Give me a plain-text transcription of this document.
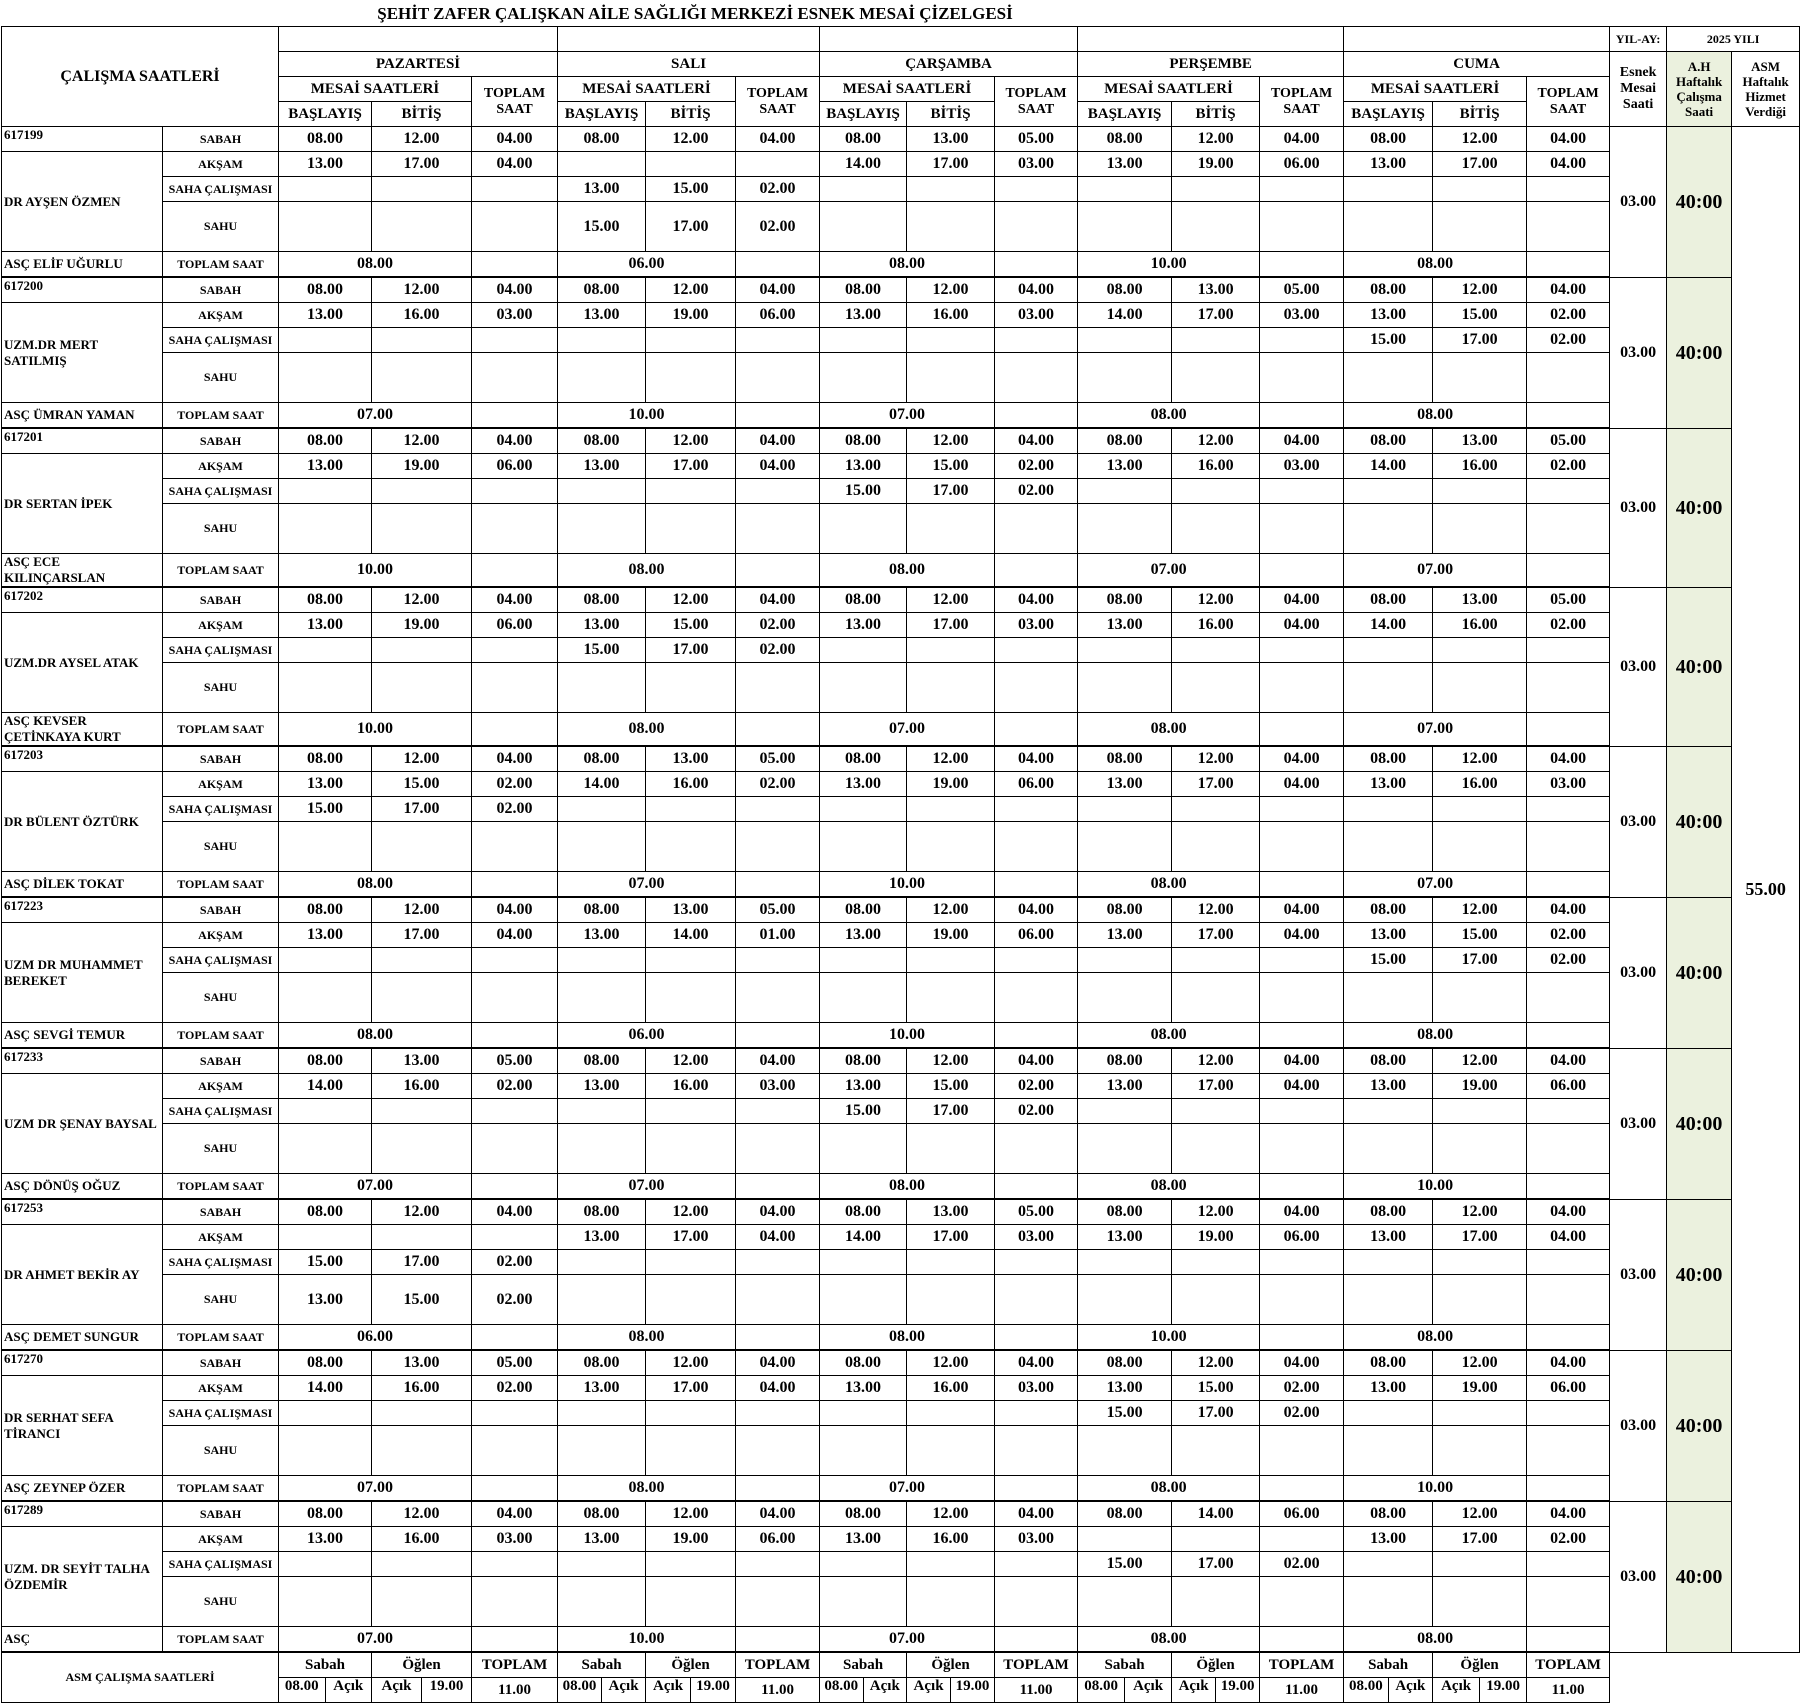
ŞEHİT ZAFER ÇALIŞKAN AİLE SAĞLIĞI MERKEZİ ESNEK MESAİ ÇİZELGESİ
ÇALIŞMA SAATLERİ																	YIL-AY:	2025 YILI	
		PAZARTESİ			SALI			ÇARŞAMBA			PERŞEMBE			CUMA			Esnek Mesai Saati	A.H Haftalık Çalışma Saati	ASM Haftalık Hizmet Verdiği
		MESAİ SAATLERİ		TOPLAM SAAT	MESAİ SAATLERİ		TOPLAM SAAT	MESAİ SAATLERİ		TOPLAM SAAT	MESAİ SAATLERİ		TOPLAM SAAT	MESAİ SAATLERİ		TOPLAM SAAT			
		BAŞLAYIŞ	BİTİŞ		BAŞLAYIŞ	BİTİŞ		BAŞLAYIŞ	BİTİŞ		BAŞLAYIŞ	BİTİŞ		BAŞLAYIŞ	BİTİŞ				
617199	SABAH	08.00	12.00	04.00	08.00	12.00	04.00	08.00	13.00	05.00	08.00	12.00	04.00	08.00	12.00	04.00	03.00	40:00	55.00
DR AYŞEN ÖZMEN	AKŞAM	13.00	17.00	04.00				14.00	17.00	03.00	13.00	19.00	06.00	13.00	17.00	04.00			
	SAHA ÇALIŞMASI				13.00	15.00	02.00												
	SAHU				15.00	17.00	02.00												
ASÇ ELİF UĞURLU	TOPLAM SAAT	08.00			06.00			08.00			10.00			08.00					

617200	SABAH	08.00	12.00	04.00	08.00	12.00	04.00	08.00	12.00	04.00	08.00	13.00	05.00	08.00	12.00	04.00	03.00	40:00	
UZM.DR MERT SATILMIŞ	AKŞAM	13.00	16.00	03.00	13.00	19.00	06.00	13.00	16.00	03.00	14.00	17.00	03.00	13.00	15.00	02.00			
	SAHA ÇALIŞMASI													15.00	17.00	02.00			
	SAHU																		
ASÇ ÜMRAN YAMAN	TOPLAM SAAT	07.00			10.00			07.00			08.00			08.00					

617201	SABAH	08.00	12.00	04.00	08.00	12.00	04.00	08.00	12.00	04.00	08.00	12.00	04.00	08.00	13.00	05.00	03.00	40:00	
DR SERTAN İPEK	AKŞAM	13.00	19.00	06.00	13.00	17.00	04.00	13.00	15.00	02.00	13.00	16.00	03.00	14.00	16.00	02.00			
	SAHA ÇALIŞMASI							15.00	17.00	02.00									
	SAHU																		
ASÇ ECE KILINÇARSLAN	TOPLAM SAAT	10.00			08.00			08.00			07.00			07.00					

617202	SABAH	08.00	12.00	04.00	08.00	12.00	04.00	08.00	12.00	04.00	08.00	12.00	04.00	08.00	13.00	05.00	03.00	40:00	
UZM.DR AYSEL ATAK	AKŞAM	13.00	19.00	06.00	13.00	15.00	02.00	13.00	17.00	03.00	13.00	16.00	04.00	14.00	16.00	02.00			
	SAHA ÇALIŞMASI				15.00	17.00	02.00												
	SAHU																		
ASÇ KEVSER ÇETİNKAYA KURT	TOPLAM SAAT	10.00			08.00			07.00			08.00			07.00					

617203	SABAH	08.00	12.00	04.00	08.00	13.00	05.00	08.00	12.00	04.00	08.00	12.00	04.00	08.00	12.00	04.00	03.00	40:00	
DR BÜLENT ÖZTÜRK	AKŞAM	13.00	15.00	02.00	14.00	16.00	02.00	13.00	19.00	06.00	13.00	17.00	04.00	13.00	16.00	03.00			
	SAHA ÇALIŞMASI	15.00	17.00	02.00															
	SAHU																		
ASÇ DİLEK TOKAT	TOPLAM SAAT	08.00			07.00			10.00			08.00			07.00					

617223	SABAH	08.00	12.00	04.00	08.00	13.00	05.00	08.00	12.00	04.00	08.00	12.00	04.00	08.00	12.00	04.00	03.00	40:00	
UZM DR MUHAMMET BEREKET	AKŞAM	13.00	17.00	04.00	13.00	14.00	01.00	13.00	19.00	06.00	13.00	17.00	04.00	13.00	15.00	02.00			
	SAHA ÇALIŞMASI													15.00	17.00	02.00			
	SAHU																		
ASÇ SEVGİ TEMUR	TOPLAM SAAT	08.00			06.00			10.00			08.00			08.00					

617233	SABAH	08.00	13.00	05.00	08.00	12.00	04.00	08.00	12.00	04.00	08.00	12.00	04.00	08.00	12.00	04.00	03.00	40:00	
UZM DR ŞENAY BAYSAL	AKŞAM	14.00	16.00	02.00	13.00	16.00	03.00	13.00	15.00	02.00	13.00	17.00	04.00	13.00	19.00	06.00			
	SAHA ÇALIŞMASI							15.00	17.00	02.00									
	SAHU																		
ASÇ DÖNÜŞ OĞUZ	TOPLAM SAAT	07.00			07.00			08.00			08.00			10.00					

617253	SABAH	08.00	12.00	04.00	08.00	12.00	04.00	08.00	13.00	05.00	08.00	12.00	04.00	08.00	12.00	04.00	03.00	40:00	
DR AHMET BEKİR AY	AKŞAM				13.00	17.00	04.00	14.00	17.00	03.00	13.00	19.00	06.00	13.00	17.00	04.00			
	SAHA ÇALIŞMASI	15.00	17.00	02.00															
	SAHU	13.00	15.00	02.00															
ASÇ DEMET SUNGUR	TOPLAM SAAT	06.00			08.00			08.00			10.00			08.00					

617270	SABAH	08.00	13.00	05.00	08.00	12.00	04.00	08.00	12.00	04.00	08.00	12.00	04.00	08.00	12.00	04.00	03.00	40:00	
DR SERHAT SEFA TİRANCI	AKŞAM	14.00	16.00	02.00	13.00	17.00	04.00	13.00	16.00	03.00	13.00	15.00	02.00	13.00	19.00	06.00			
	SAHA ÇALIŞMASI										15.00	17.00	02.00						
	SAHU																		
ASÇ ZEYNEP ÖZER	TOPLAM SAAT	07.00			08.00			07.00			08.00			10.00					

617289	SABAH	08.00	12.00	04.00	08.00	12.00	04.00	08.00	12.00	04.00	08.00	14.00	06.00	08.00	12.00	04.00	03.00	40:00	
UZM. DR SEYİT TALHA ÖZDEMİR	AKŞAM	13.00	16.00	03.00	13.00	19.00	06.00	13.00	16.00	03.00				13.00	17.00	02.00			
	SAHA ÇALIŞMASI										15.00	17.00	02.00						
	SAHU																		
ASÇ	TOPLAM SAAT	07.00			10.00			07.00			08.00			08.00					

ASM ÇALIŞMA SAATLERİ		Sabah	Öğlen	TOPLAM	Sabah	Öğlen	TOPLAM	Sabah	Öğlen	TOPLAM	Sabah	Öğlen	TOPLAM	Sabah	Öğlen	TOPLAM			

		08.00 Açık	Açık 19.00	11.00	08.00 Açık	Açık 19.00	11.00	08.00 Açık	Açık 19.00	11.00	08.00 Açık	Açık 19.00	11.00	08.00 Açık	Açık 19.00	11.00			
